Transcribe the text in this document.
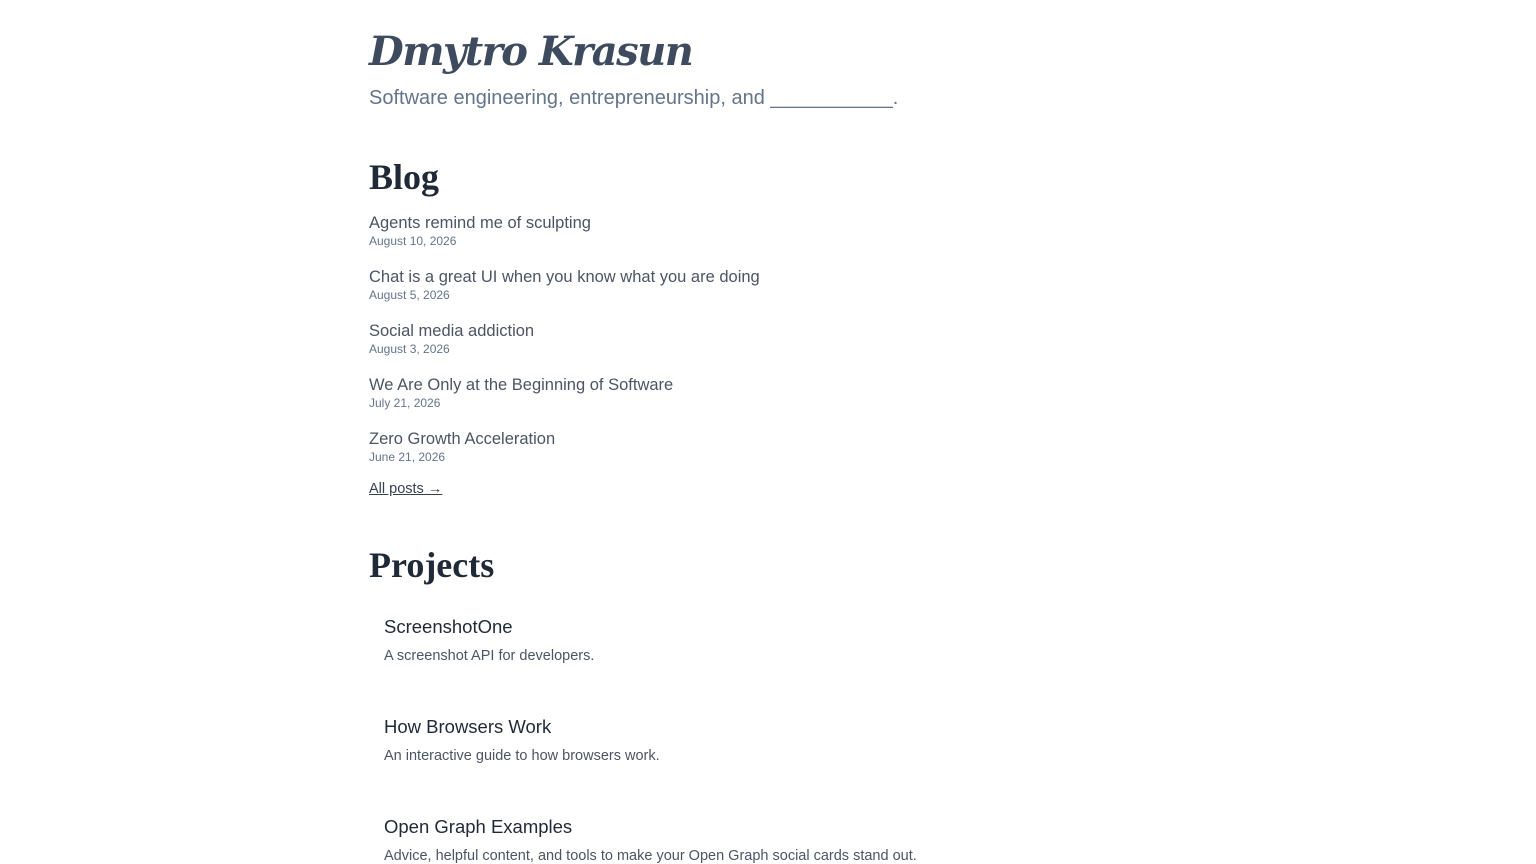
Dmytro Krasun
Software engineering, entrepreneurship, and ___________.
Blog
Agents remind me of sculpting
August 10, 2026
Chat is a great UI when you know what you are doing
August 5, 2026
Social media addiction
August 3, 2026
We Are Only at the Beginning of Software
July 21, 2026
Zero Growth Acceleration
June 21, 2026
All posts →
Projects
ScreenshotOne
A screenshot API for developers.
How Browsers Work
An interactive guide to how browsers work.
Open Graph Examples
Advice, helpful content, and tools to make your Open Graph social cards stand out.
